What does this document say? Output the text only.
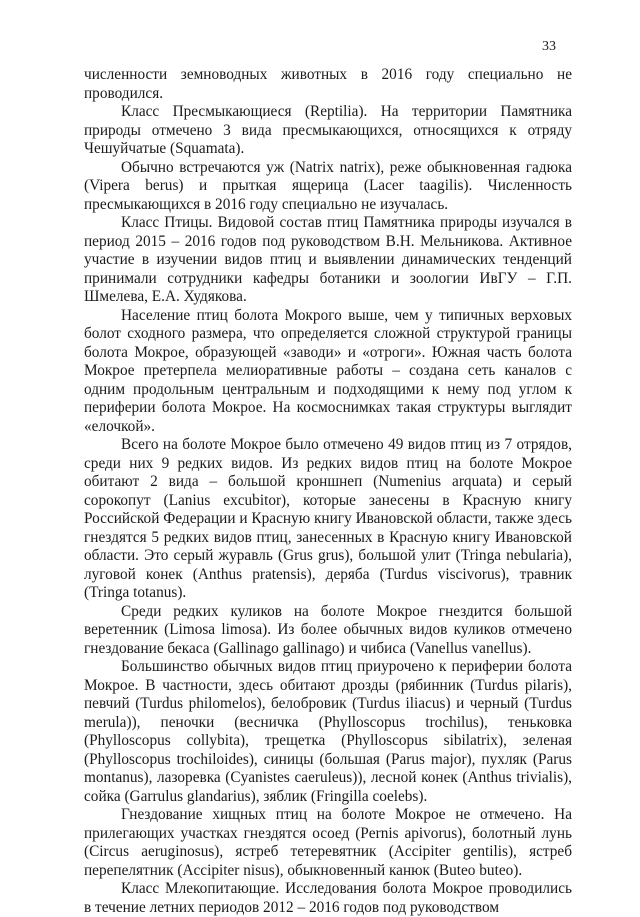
33

численности земноводных животных в 2016 году специально не проводился.

Класс Пресмыкающиеся (Reptilia). На территории Памятника природы отмечено 3 вида пресмыкающихся, относящихся к отряду Чешуйчатые (Squamata).

Обычно встречаются уж (Natrix natrix), реже обыкновенная гадюка (Vipera berus) и прыткая ящерица (Lacer taagilis). Численность пресмыкающихся в 2016 году специально не изучалась.

Класс Птицы. Видовой состав птиц Памятника природы изучался в период 2015 – 2016 годов под руководством В.Н. Мельникова. Активное участие в изучении видов птиц и выявлении динамических тенденций принимали сотрудники кафедры ботаники и зоологии ИвГУ – Г.П. Шмелева, Е.А. Худякова.

Население птиц болота Мокрого выше, чем у типичных верховых болот сходного размера, что определяется сложной структурой границы болота Мокрое, образующей «заводи» и «отроги». Южная часть болота Мокрое претерпела мелиоративные работы – создана сеть каналов с одним продольным центральным и подходящими к нему под углом к периферии болота Мокрое. На космоснимках такая структуры выглядит «елочкой».

Всего на болоте Мокрое было отмечено 49 видов птиц из 7 отрядов, среди них 9 редких видов. Из редких видов птиц на болоте Мокрое обитают 2 вида – большой кроншнеп (Numenius arquata) и серый сорокопут (Lanius excubitor), которые занесены в Красную книгу Российской Федерации и Красную книгу Ивановской области, также здесь гнездятся 5 редких видов птиц, занесенных в Красную книгу Ивановской области. Это серый журавль (Grus grus), большой улит (Tringa nebularia), луговой конек (Anthus pratensis), деряба (Turdus viscivorus), травник (Tringa totanus).

Среди редких куликов на болоте Мокрое гнездится большой веретенник (Limosa limosa). Из более обычных видов куликов отмечено гнездование бекаса (Gallinago gallinago) и чибиса (Vanellus vanellus).

Большинство обычных видов птиц приурочено к периферии болота Мокрое. В частности, здесь обитают дрозды (рябинник (Turdus pilaris), певчий (Turdus philomelos), белобровик (Turdus iliacus) и черный (Turdus merula)), пеночки (весничка (Phylloscopus trochilus), теньковка (Phylloscopus collybita), трещетка (Phylloscopus sibilatrix), зеленая (Phylloscopus trochiloides), синицы (большая (Parus major), пухляк (Parus montanus), лазоревка (Cyanistes caeruleus)), лесной конек (Anthus trivialis), сойка (Garrulus glandarius), зяблик (Fringilla coelebs).

Гнездование хищных птиц на болоте Мокрое не отмечено. На прилегающих участках гнездятся осоед (Pernis apivorus), болотный лунь (Circus aeruginosus), ястреб тетеревятник (Accipiter gentilis), ястреб перепелятник (Accipiter nisus), обыкновенный канюк (Buteo buteo).

Класс Млекопитающие. Исследования болота Мокрое проводились в течение летних периодов 2012 – 2016 годов под руководством
